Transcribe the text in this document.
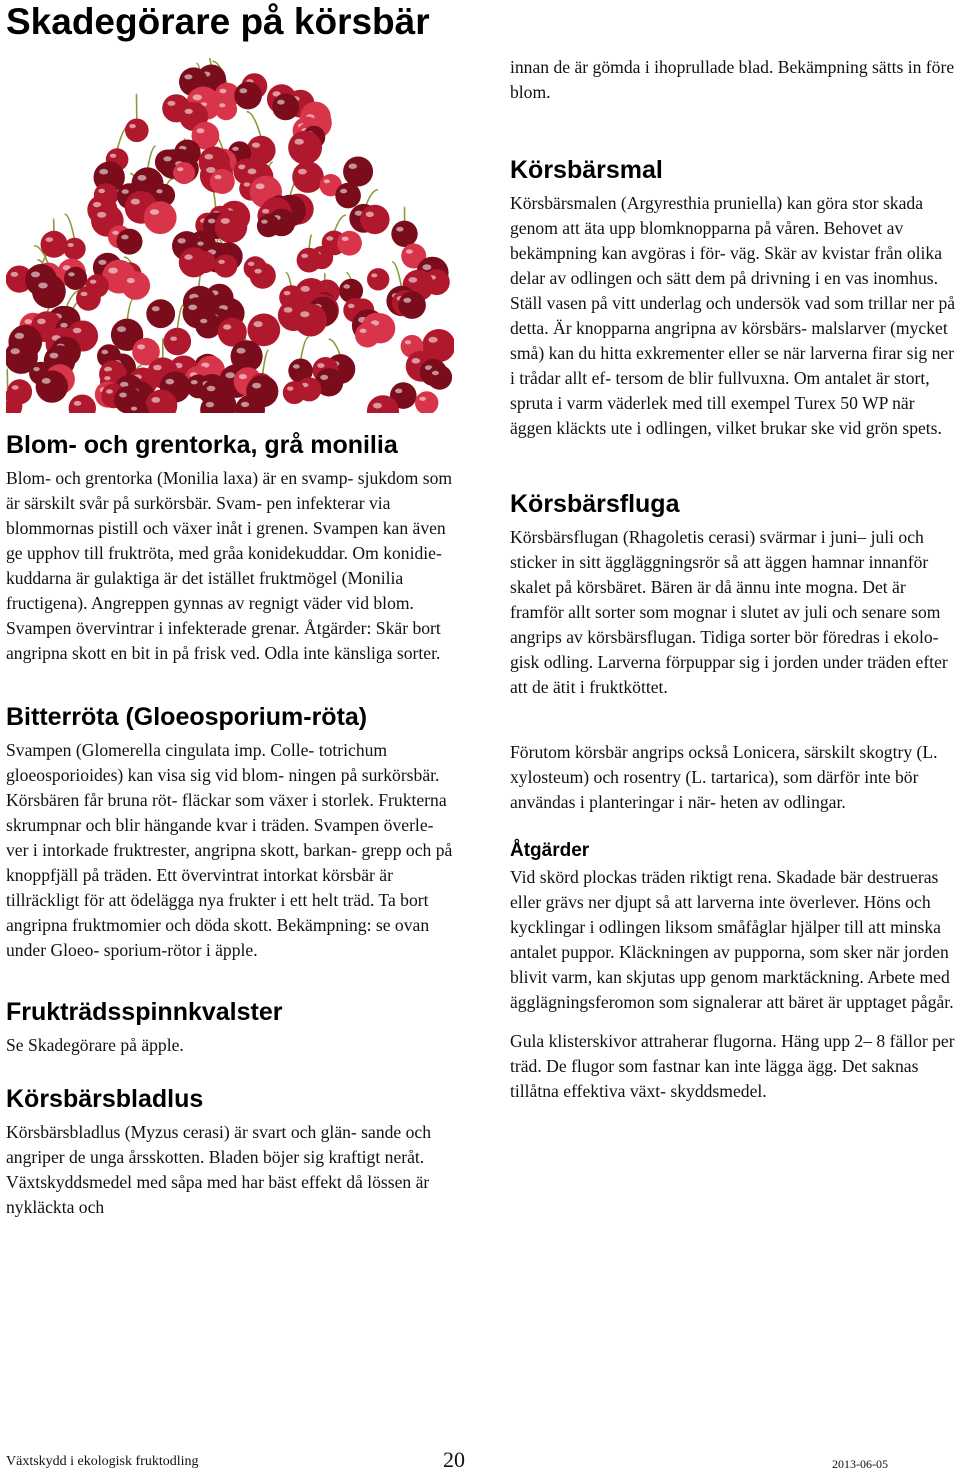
Skadegörare på körsbär
Blom- och grentorka, grå monilia

Blom- och grentorka (Monilia laxa) är en svamp- sjukdom som är särskilt svår på surkörsbär. Svam- pen infekterar via blommornas pistill och växer inåt i grenen. Svampen kan även ge upphov till fruktröta, med gråa konidekuddar. Om konidie- kuddarna är gulaktiga är det istället fruktmögel (Monilia fructigena). Angreppen gynnas av regnigt väder vid blom. Svampen övervintrar i infekterade grenar. Åtgärder: Skär bort angripna skott en bit in på frisk ved. Odla inte känsliga sorter.

Bitterröta (Gloeosporium-röta)

Svampen (Glomerella cingulata imp. Colle- totrichum gloeosporioides) kan visa sig vid blom- ningen på surkörsbär. Körsbären får bruna röt- fläckar som växer i storlek. Frukterna skrumpnar och blir hängande kvar i träden. Svampen överle- ver i intorkade fruktrester, angripna skott, barkan- grepp och på knoppfjäll på träden. Ett övervintrat intorkat körsbär är tillräckligt för att ödelägga nya frukter i ett helt träd. Ta bort angripna fruktmomier och döda skott. Bekämpning: se ovan under Gloeo- sporium-rötor i äpple.

Frukträdsspinnkvalster

Se Skadegörare på äpple.

Körsbärsbladlus

Körsbärsbladlus (Myzus cerasi) är svart och glän- sande och angriper de unga årsskotten. Bladen böjer sig kraftigt neråt. Växtskyddsmedel med såpa med har bäst effekt då lössen är nykläckta och

innan de är gömda i ihoprullade blad. Bekämpning sätts in före blom.

Körsbärsmal

Körsbärsmalen (Argyresthia pruniella) kan göra stor skada genom att äta upp blomknopparna på våren. Behovet av bekämpning kan avgöras i för- väg. Skär av kvistar från olika delar av odlingen och sätt dem på drivning i en vas inomhus. Ställ vasen på vitt underlag och undersök vad som trillar ner på detta. Är knopparna angripna av körsbärs- malslarver (mycket små) kan du hitta exkrementer eller se när larverna firar sig ner i trådar allt ef- tersom de blir fullvuxna. Om antalet är stort, spruta i varm väderlek med till exempel Turex 50 WP när äggen kläckts ute i odlingen, vilket brukar ske vid grön spets.

Körsbärsfluga

Körsbärsflugan (Rhagoletis cerasi) svärmar i juni– juli och sticker in sitt äggläggningsrör så att äggen hamnar innanför skalet på körsbäret. Bären är då ännu inte mogna. Det är framför allt sorter som mognar i slutet av juli och senare som angrips av körsbärsflugan. Tidiga sorter bör föredras i ekolo- gisk odling. Larverna förpuppar sig i jorden under träden efter att de ätit i fruktköttet.

Förutom körsbär angrips också Lonicera, särskilt skogtry (L. xylosteum) och rosentry (L. tartarica), som därför inte bör användas i planteringar i när- heten av odlingar.

Åtgärder

Vid skörd plockas träden riktigt rena. Skadade bär destrueras eller grävs ner djupt så att larverna inte överlever. Höns och kycklingar i odlingen liksom småfåglar hjälper till att minska antalet puppor. Kläckningen av pupporna, som sker när jorden blivit varm, kan skjutas upp genom marktäckning. Arbete med ägglägningsferomon som signalerar att bäret är upptaget pågår.

Gula klisterskivor attraherar flugorna. Häng upp 2– 8 fällor per träd. De flugor som fastnar kan inte lägga ägg. Det saknas tillåtna effektiva växt- skyddsmedel.

Växtskydd i ekologisk fruktodling	20	2013-06-05
